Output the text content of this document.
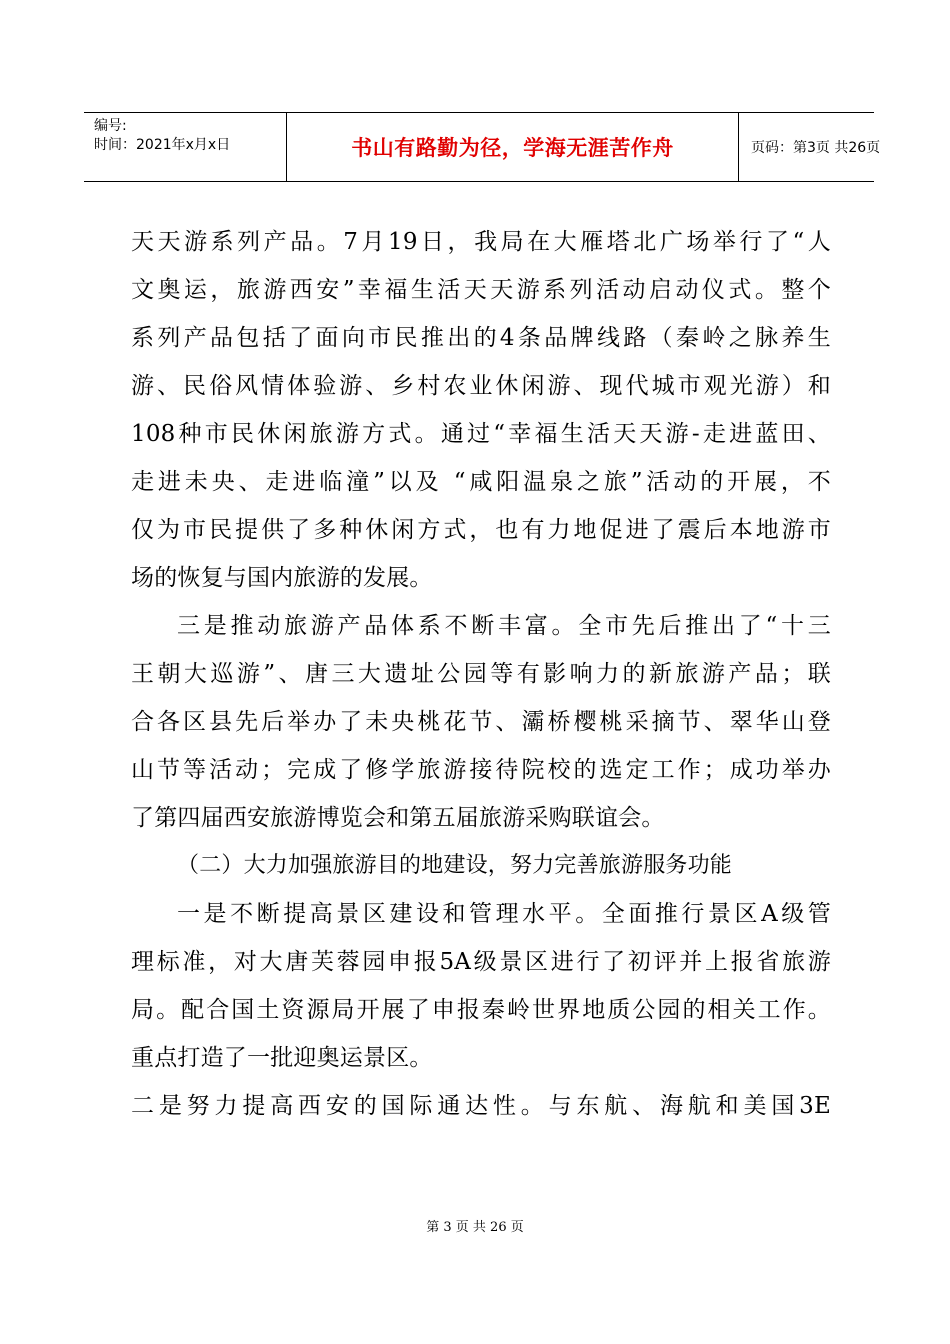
编号:
时间：2021年x月x日	书山有路勤为径，学海无涯苦作舟	页码：第3页 共26页
天天游系列产品。7月19日，我局在大雁塔北广场举行了“人
文奥运，旅游西安”幸福生活天天游系列活动启动仪式。整个
系列产品包括了面向市民推出的4条品牌线路（秦岭之脉养生
游、民俗风情体验游、乡村农业休闲游、现代城市观光游）和
108种市民休闲旅游方式。通过“幸福生活天天游-走进蓝田、
走进未央、走进临潼”以及 “咸阳温泉之旅”活动的开展，不
仅为市民提供了多种休闲方式，也有力地促进了震后本地游市
场的恢复与国内旅游的发展。
三是推动旅游产品体系不断丰富。全市先后推出了“十三
王朝大巡游”、唐三大遗址公园等有影响力的新旅游产品；联
合各区县先后举办了未央桃花节、灞桥樱桃采摘节、翠华山登
山节等活动；完成了修学旅游接待院校的选定工作；成功举办
了第四届西安旅游博览会和第五届旅游采购联谊会。
（二）大力加强旅游目的地建设，努力完善旅游服务功能
一是不断提高景区建设和管理水平。全面推行景区A级管
理标准，对大唐芙蓉园申报5A级景区进行了初评并上报省旅游
局。配合国土资源局开展了申报秦岭世界地质公园的相关工作。
重点打造了一批迎奥运景区。
二是努力提高西安的国际通达性。与东航、海航和美国3E
第 3 页 共 26 页
